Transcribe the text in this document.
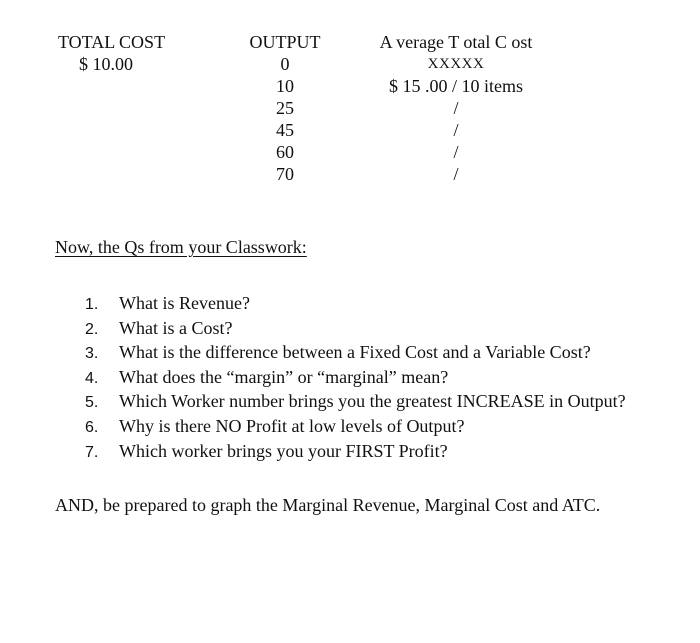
TOTAL COST
$ 10.00
OUTPUT
0
10
25
45
60
70
A verage T otal C ost
XXXXX
$ 15 .00 / 10 items
/
/
/
/
Now, the Qs from your Classwork:
1. What is Revenue?
2. What is a Cost?
3. What is the difference between a Fixed Cost and a Variable Cost?
4. What does the “margin” or “marginal” mean?
5. Which Worker number brings you the greatest INCREASE in Output?
6. Why is there NO Profit at low levels of Output?
7. Which worker brings you your FIRST Profit?
AND, be prepared to graph the Marginal Revenue, Marginal Cost and ATC.
